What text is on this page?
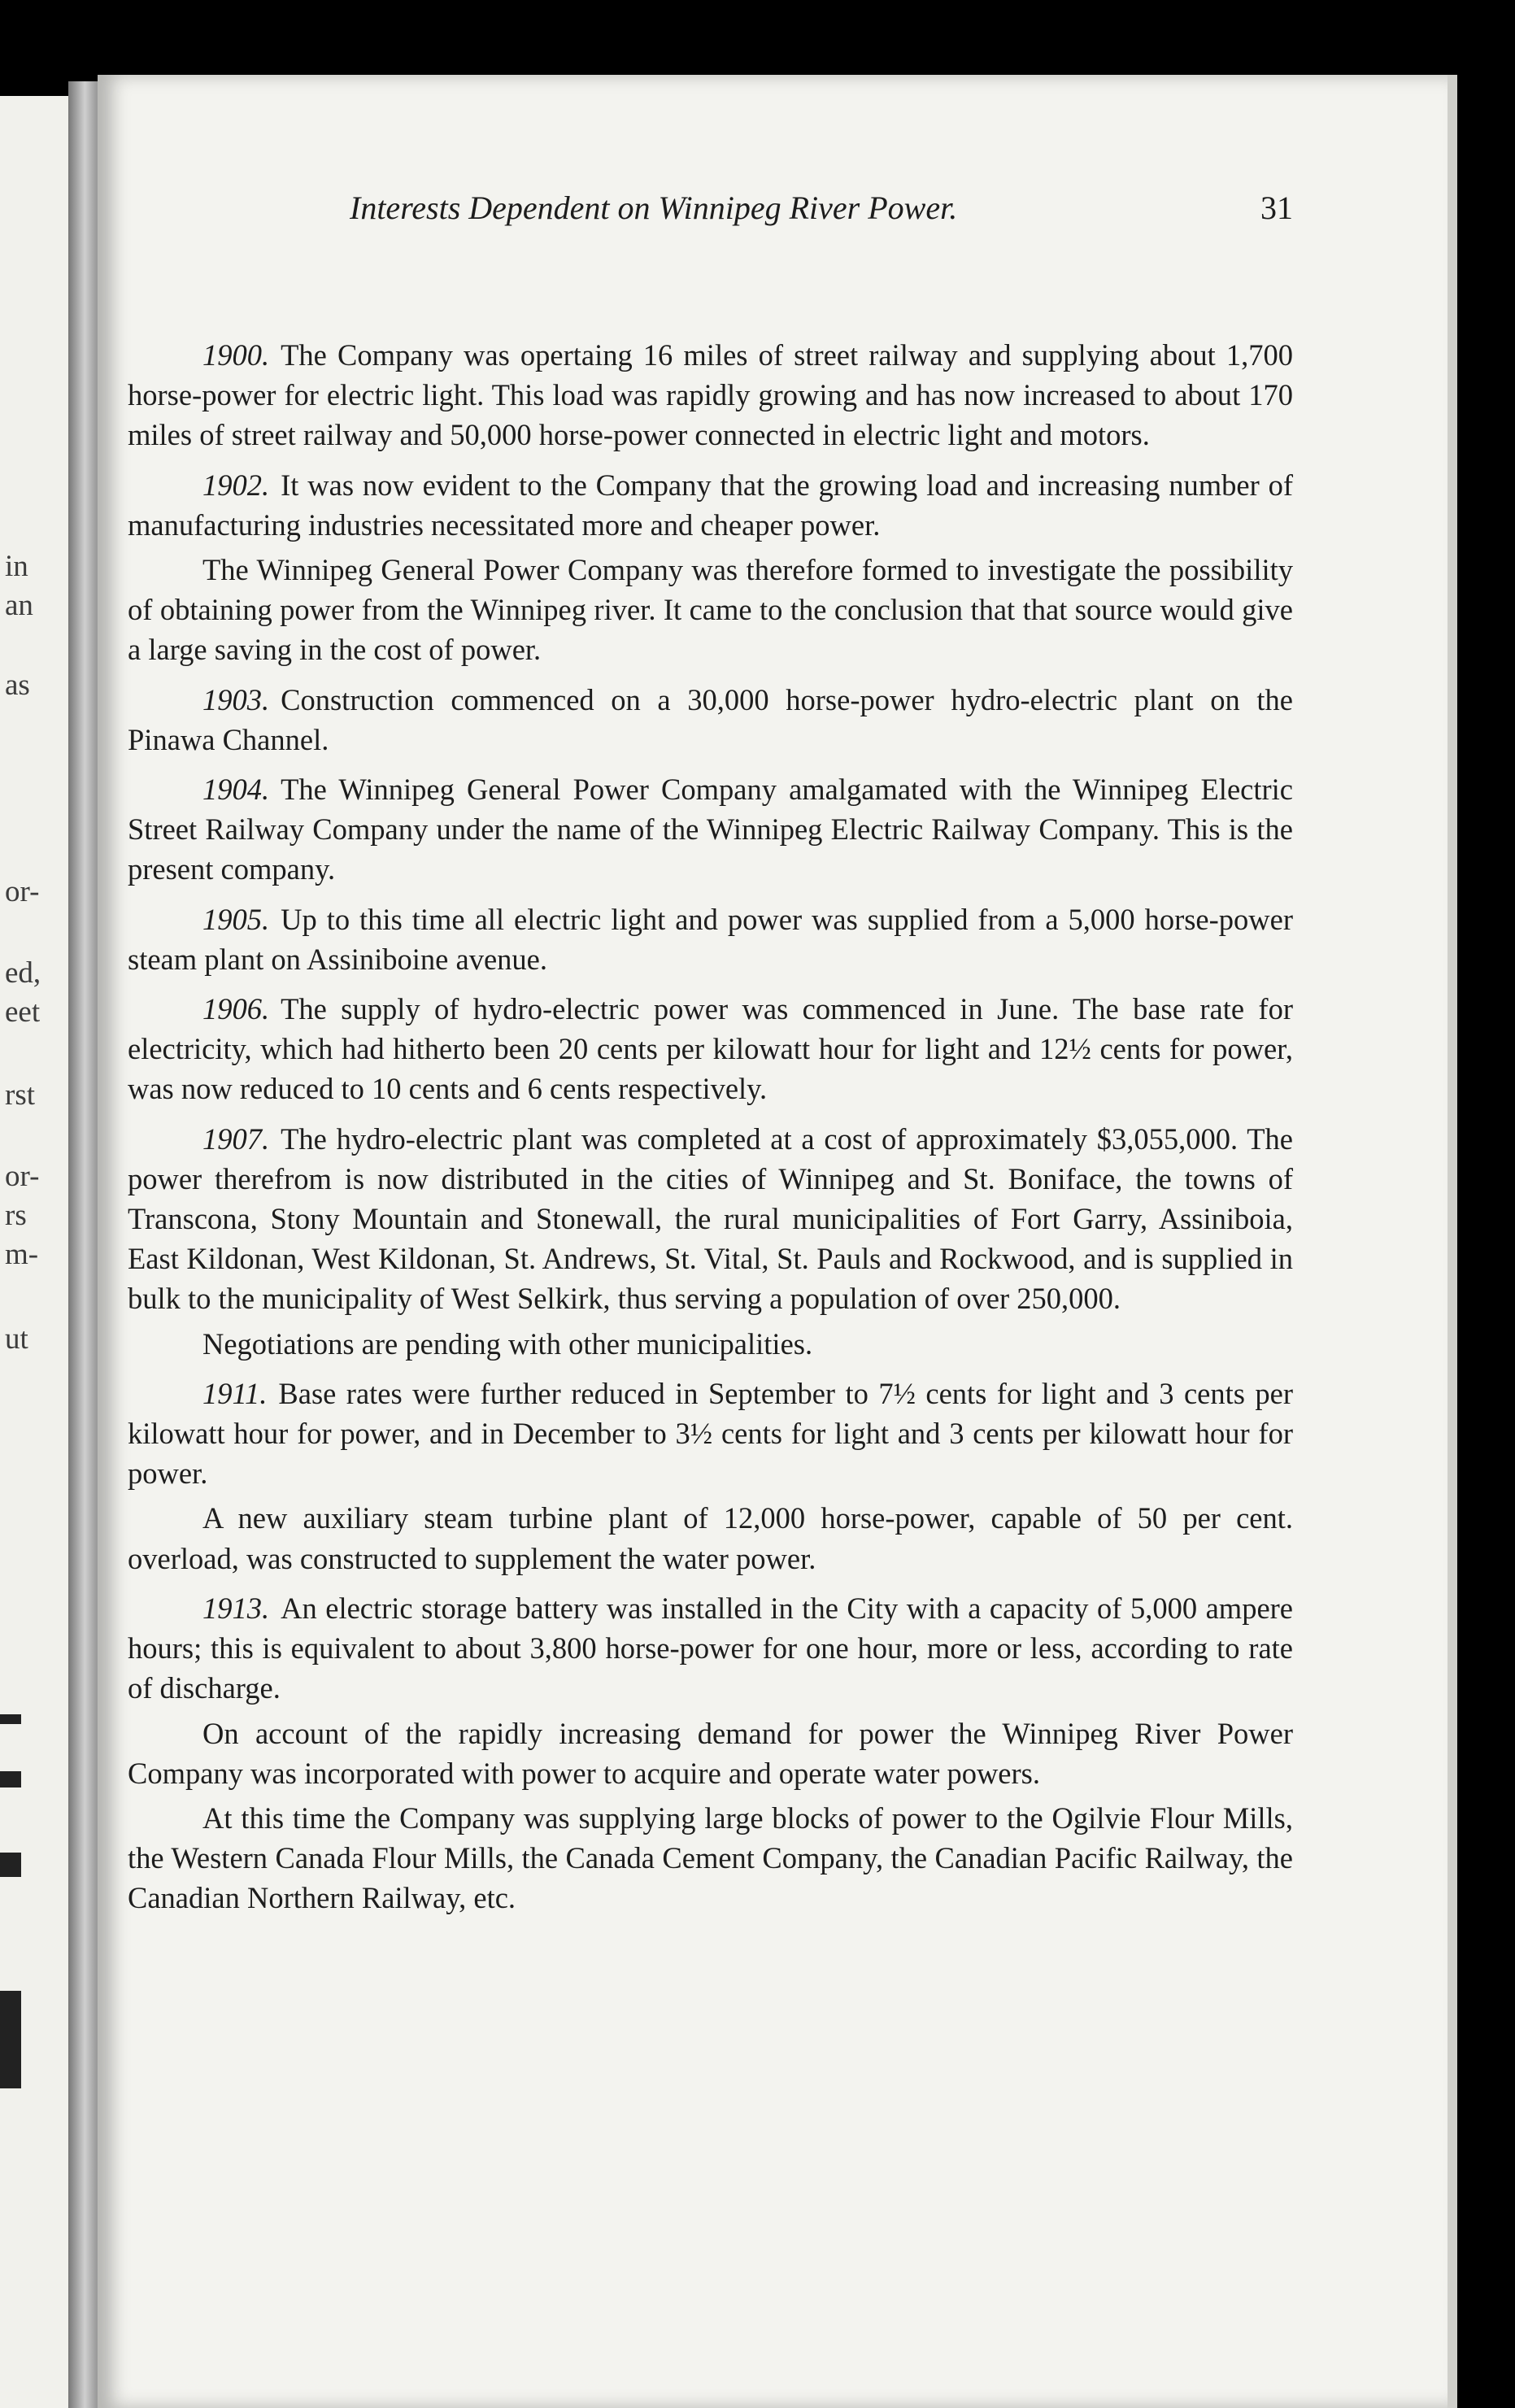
in
an
as
or-
ed,
eet
rst
or-
rs
m-
ut
Interests Dependent on Winnipeg River Power.	31

1900. The Company was opertaing 16 miles of street railway and supplying about 1,700 horse-power for electric light. This load was rapidly growing and has now increased to about 170 miles of street railway and 50,000 horse-power connected in electric light and motors.

1902. It was now evident to the Company that the growing load and increasing number of manufacturing industries necessitated more and cheaper power.

The Winnipeg General Power Company was therefore formed to investigate the possibility of obtaining power from the Winnipeg river. It came to the conclusion that that source would give a large saving in the cost of power.

1903. Construction commenced on a 30,000 horse-power hydro-electric plant on the Pinawa Channel.

1904. The Winnipeg General Power Company amalgamated with the Winnipeg Electric Street Railway Company under the name of the Winnipeg Electric Railway Company. This is the present company.

1905. Up to this time all electric light and power was supplied from a 5,000 horse-power steam plant on Assiniboine avenue.

1906. The supply of hydro-electric power was commenced in June. The base rate for electricity, which had hitherto been 20 cents per kilowatt hour for light and 12½ cents for power, was now reduced to 10 cents and 6 cents respectively.

1907. The hydro-electric plant was completed at a cost of approximately $3,055,000. The power therefrom is now distributed in the cities of Winnipeg and St. Boniface, the towns of Transcona, Stony Mountain and Stonewall, the rural municipalities of Fort Garry, Assiniboia, East Kildonan, West Kildonan, St. Andrews, St. Vital, St. Pauls and Rockwood, and is supplied in bulk to the municipality of West Selkirk, thus serving a population of over 250,000.

Negotiations are pending with other municipalities.

1911. Base rates were further reduced in September to 7½ cents for light and 3 cents per kilowatt hour for power, and in December to 3½ cents for light and 3 cents per kilowatt hour for power.

A new auxiliary steam turbine plant of 12,000 horse-power, capable of 50 per cent. overload, was constructed to supplement the water power.

1913. An electric storage battery was installed in the City with a capacity of 5,000 ampere hours; this is equivalent to about 3,800 horse-power for one hour, more or less, according to rate of discharge.

On account of the rapidly increasing demand for power the Winnipeg River Power Company was incorporated with power to acquire and operate water powers.

At this time the Company was supplying large blocks of power to the Ogilvie Flour Mills, the Western Canada Flour Mills, the Canada Cement Company, the Canadian Pacific Railway, the Canadian Northern Railway, etc.
